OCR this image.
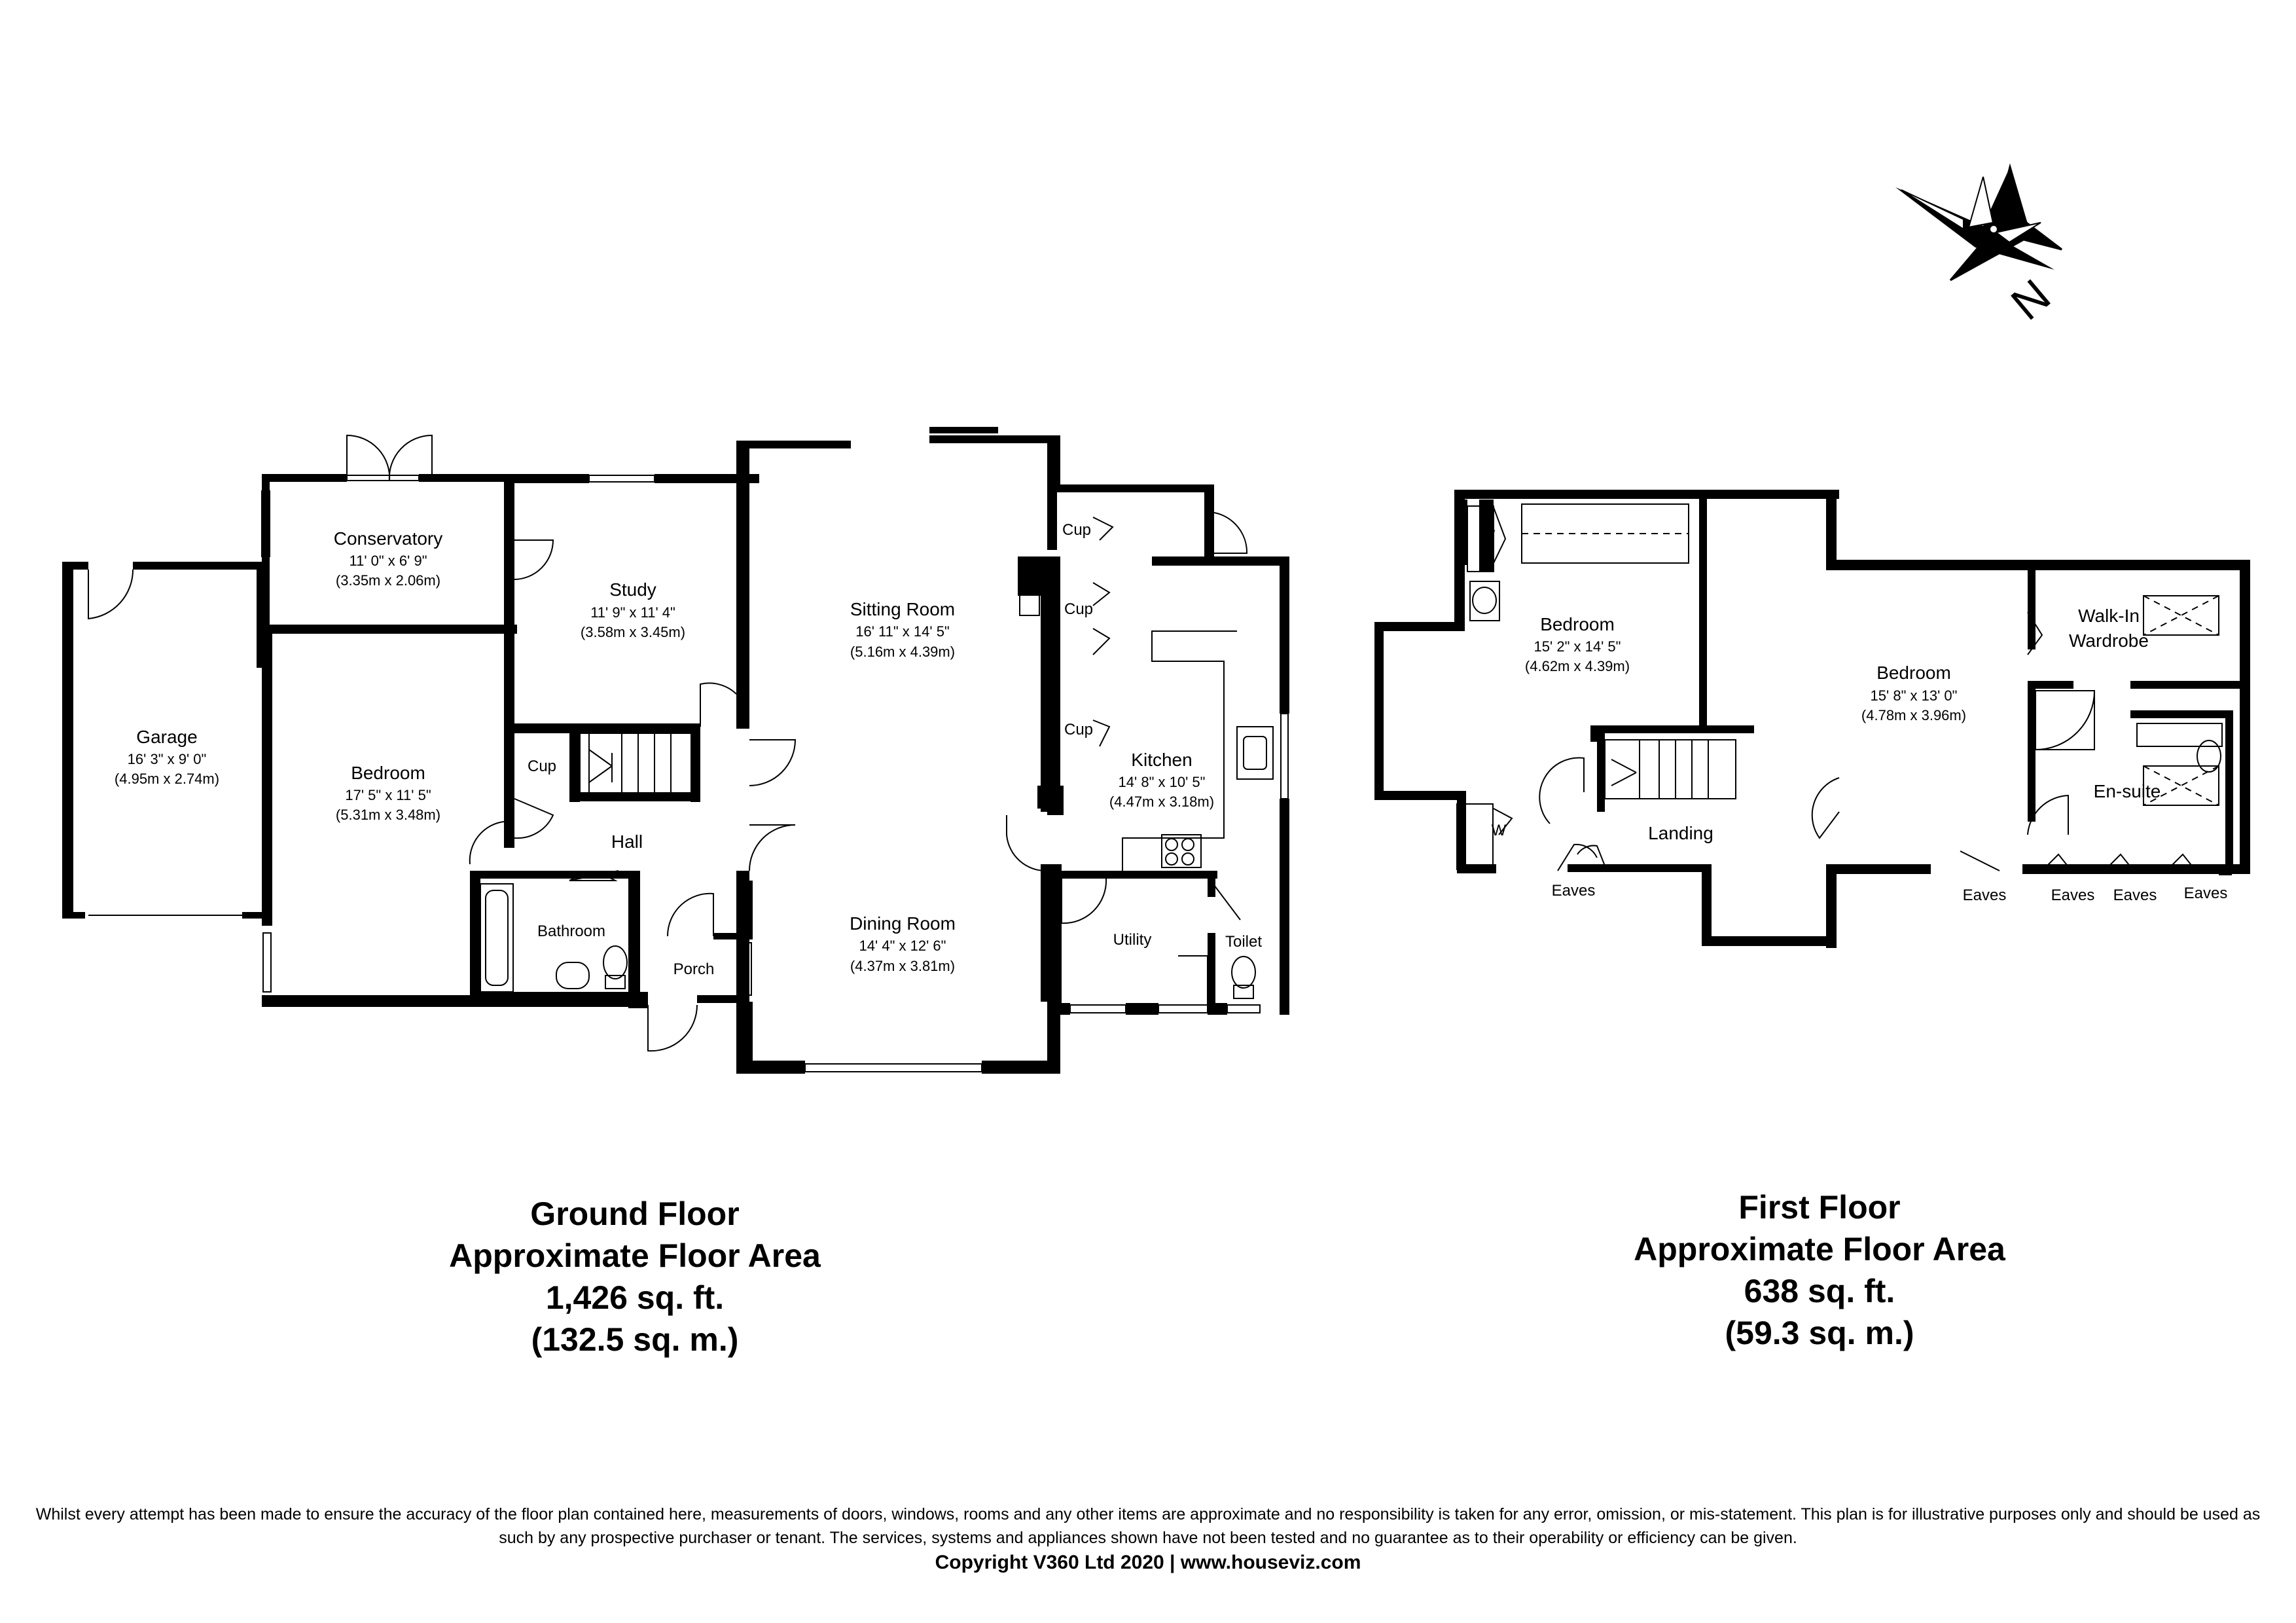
N
Garage
16' 3" x 9' 0"
(4.95m x 2.74m)
Conservatory
11' 0" x 6' 9"
(3.35m x 2.06m)	Study
11' 9" x 11' 4"
(3.58m x 3.45m)
Sitting Room
16' 11" x 14' 5"
(5.16m x 4.39m)
Bedroom
17' 5" x 11' 5"
(5.31m x 3.48m)
Kitchen
14' 8" x 10' 5"
(4.47m x 3.18m)
Dining Room
14' 4" x 12' 6"
(4.37m x 3.81m)
Hall
Bathroom
Porch
Utility	Toilet
Cup
Cup
Cup
Cup
Bedroom
15' 2" x 14' 5"
(4.62m x 4.39m)	Bedroom
15' 8" x 13' 0"
(4.78m x 3.96m)
Walk-In
Wardrobe
En-suite
Landing
W
W
Eaves	Eaves	Eaves Eaves Eaves
Ground Floor
Approximate Floor Area
1,426 sq. ft.
(132.5 sq. m.)
First Floor
Approximate Floor Area
638 sq. ft.
(59.3 sq. m.)
Whilst every attempt has been made to ensure the accuracy of the floor plan contained here, measurements of doors, windows, rooms and any other items are approximate and no responsibility is taken for any error, omission, or mis-statement. This plan is for illustrative purposes only and should be used as such by any prospective purchaser or tenant. The services, systems and appliances shown have not been tested and no guarantee as to their operability or efficiency can be given.
Copyright V360 Ltd 2020 | www.houseviz.com
